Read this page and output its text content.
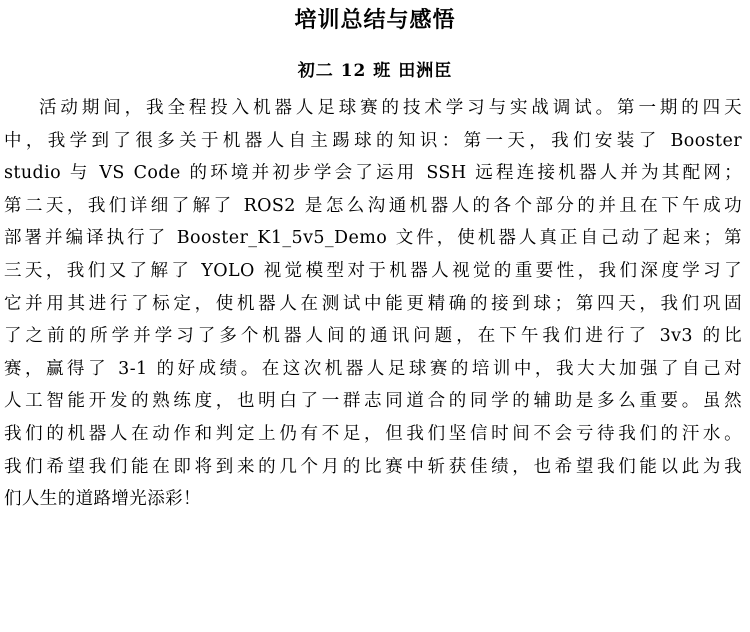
培训总结与感悟
初二 12 班 田洲臣
活动期间，我全程投入机器人足球赛的技术学习与实战调试。第一期的四天
中，我学到了很多关于机器人自主踢球的知识：第一天，我们安装了 Booster
studio 与 VS Code 的环境并初步学会了运用 SSH 远程连接机器人并为其配网；
第二天，我们详细了解了 ROS2 是怎么沟通机器人的各个部分的并且在下午成功
部署并编译执行了 Booster_K1_5v5_Demo 文件，使机器人真正自己动了起来；第
三天，我们又了解了 YOLO 视觉模型对于机器人视觉的重要性，我们深度学习了
它并用其进行了标定，使机器人在测试中能更精确的接到球；第四天，我们巩固
了之前的所学并学习了多个机器人间的通讯问题，在下午我们进行了 3v3 的比
赛，赢得了 3-1 的好成绩。在这次机器人足球赛的培训中，我大大加强了自己对
人工智能开发的熟练度，也明白了一群志同道合的同学的辅助是多么重要。虽然
我们的机器人在动作和判定上仍有不足，但我们坚信时间不会亏待我们的汗水。
我们希望我们能在即将到来的几个月的比赛中斩获佳绩，也希望我们能以此为我
们人生的道路增光添彩！
